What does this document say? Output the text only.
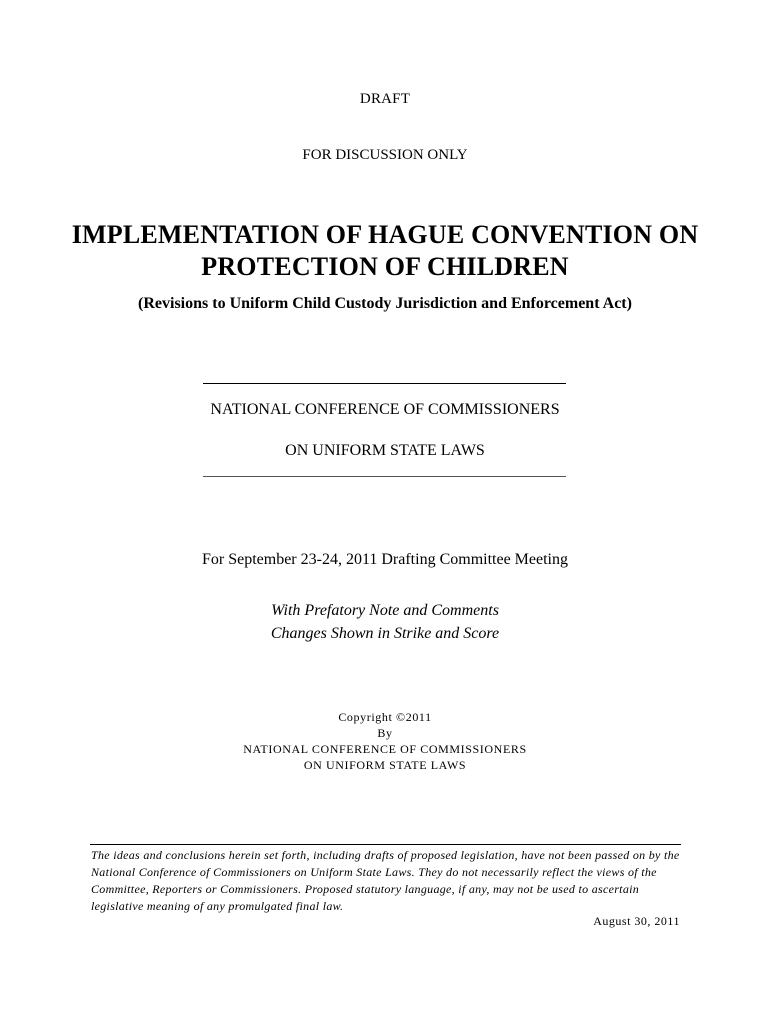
DRAFT
FOR DISCUSSION ONLY
IMPLEMENTATION OF HAGUE CONVENTION ON
PROTECTION OF CHILDREN
(Revisions to Uniform Child Custody Jurisdiction and Enforcement Act)
NATIONAL CONFERENCE OF COMMISSIONERS
ON UNIFORM STATE LAWS
For September 23-24, 2011 Drafting Committee Meeting
With Prefatory Note and Comments
Changes Shown in Strike and Score
Copyright ©2011
By
NATIONAL CONFERENCE OF COMMISSIONERS
ON UNIFORM STATE LAWS
The ideas and conclusions herein set forth, including drafts of proposed legislation, have not been passed on by the National Conference of Commissioners on Uniform State Laws. They do not necessarily reflect the views of the Committee, Reporters or Commissioners. Proposed statutory language, if any, may not be used to ascertain legislative meaning of any promulgated final law.
August 30, 2011
